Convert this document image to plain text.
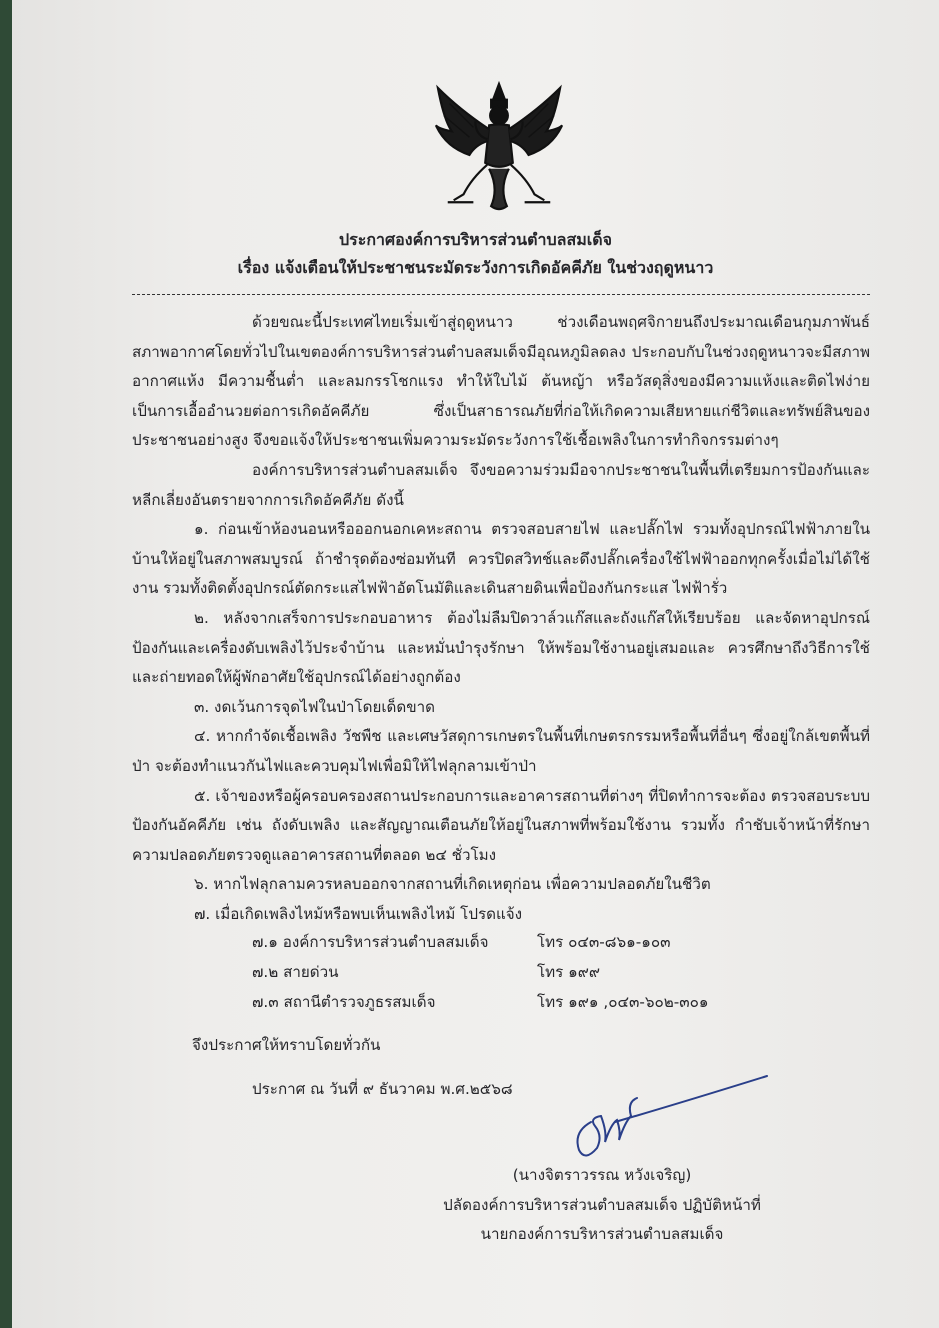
ประกาศองค์การบริหารส่วนตำบลสมเด็จ
เรื่อง แจ้งเตือนให้ประชาชนระมัดระวังการเกิดอัคคีภัย ในช่วงฤดูหนาว

ด้วยขณะนี้ประเทศไทยเริ่มเข้าสู่ฤดูหนาว ช่วงเดือนพฤศจิกายนถึงประมาณเดือนกุมภาพันธ์ สภาพอากาศโดยทั่วไปในเขตองค์การบริหารส่วนตำบลสมเด็จมีอุณหภูมิลดลง ประกอบกับในช่วงฤดูหนาวจะมีสภาพอากาศแห้ง มีความชื้นต่ำ และลมกรรโชกแรง ทำให้ใบไม้ ต้นหญ้า หรือวัสดุสิ่งของมีความแห้งและติดไฟง่ายเป็นการเอื้ออำนวยต่อการเกิดอัคคีภัย ซึ่งเป็นสาธารณภัยที่ก่อให้เกิดความเสียหายแก่ชีวิตและทรัพย์สินของประชาชนอย่างสูง จึงขอแจ้งให้ประชาชนเพิ่มความระมัดระวังการใช้เชื้อเพลิงในการทำกิจกรรมต่างๆ

องค์การบริหารส่วนตำบลสมเด็จ จึงขอความร่วมมือจากประชาชนในพื้นที่เตรียมการป้องกันและหลีกเลี่ยงอันตรายจากการเกิดอัคคีภัย ดังนี้

๑. ก่อนเข้าห้องนอนหรือออกนอกเคหะสถาน ตรวจสอบสายไฟ และปลั๊กไฟ รวมทั้งอุปกรณ์ไฟฟ้าภายในบ้านให้อยู่ในสภาพสมบูรณ์ ถ้าชำรุดต้องซ่อมทันที ควรปิดสวิทช์และดึงปลั๊กเครื่องใช้ไฟฟ้าออกทุกครั้งเมื่อไม่ได้ใช้งาน รวมทั้งติดตั้งอุปกรณ์ตัดกระแสไฟฟ้าอัตโนมัติและเดินสายดินเพื่อป้องกันกระแส ไฟฟ้ารั่ว

๒. หลังจากเสร็จการประกอบอาหาร ต้องไม่ลืมปิดวาล์วแก๊สและถังแก๊สให้เรียบร้อย และจัดหาอุปกรณ์ป้องกันและเครื่องดับเพลิงไว้ประจำบ้าน และหมั่นบำรุงรักษา ให้พร้อมใช้งานอยู่เสมอและ ควรศึกษาถึงวิธีการใช้และถ่ายทอดให้ผู้พักอาศัยใช้อุปกรณ์ได้อย่างถูกต้อง

๓. งดเว้นการจุดไฟในป่าโดยเด็ดขาด

๔. หากกำจัดเชื้อเพลิง วัชพืช และเศษวัสดุการเกษตรในพื้นที่เกษตรกรรมหรือพื้นที่อื่นๆ ซึ่งอยู่ใกล้เขตพื้นที่ป่า จะต้องทำแนวกันไฟและควบคุมไฟเพื่อมิให้ไฟลุกลามเข้าป่า

๕. เจ้าของหรือผู้ครอบครองสถานประกอบการและอาคารสถานที่ต่างๆ ที่ปิดทำการจะต้อง ตรวจสอบระบบป้องกันอัคคีภัย เช่น ถังดับเพลิง และสัญญาณเตือนภัยให้อยู่ในสภาพที่พร้อมใช้งาน รวมทั้ง กำชับเจ้าหน้าที่รักษาความปลอดภัยตรวจดูแลอาคารสถานที่ตลอด ๒๔ ชั่วโมง

๖. หากไฟลุกลามควรหลบออกจากสถานที่เกิดเหตุก่อน เพื่อความปลอดภัยในชีวิต

๗. เมื่อเกิดเพลิงไหม้หรือพบเห็นเพลิงไหม้ โปรดแจ้ง

๗.๑ องค์การบริหารส่วนตำบลสมเด็จ	โทร ๐๔๓-๘๖๑-๑๐๓
๗.๒ สายด่วน	โทร ๑๙๙
๗.๓ สถานีตำรวจภูธรสมเด็จ	โทร ๑๙๑ ,๐๔๓-๖๐๒-๓๐๑
จึงประกาศให้ทราบโดยทั่วกัน
ประกาศ ณ วันที่ ๙ ธันวาคม พ.ศ.๒๕๖๘
(นางจิตราวรรณ หวังเจริญ)
ปลัดองค์การบริหารส่วนตำบลสมเด็จ ปฏิบัติหน้าที่
นายกองค์การบริหารส่วนตำบลสมเด็จ
